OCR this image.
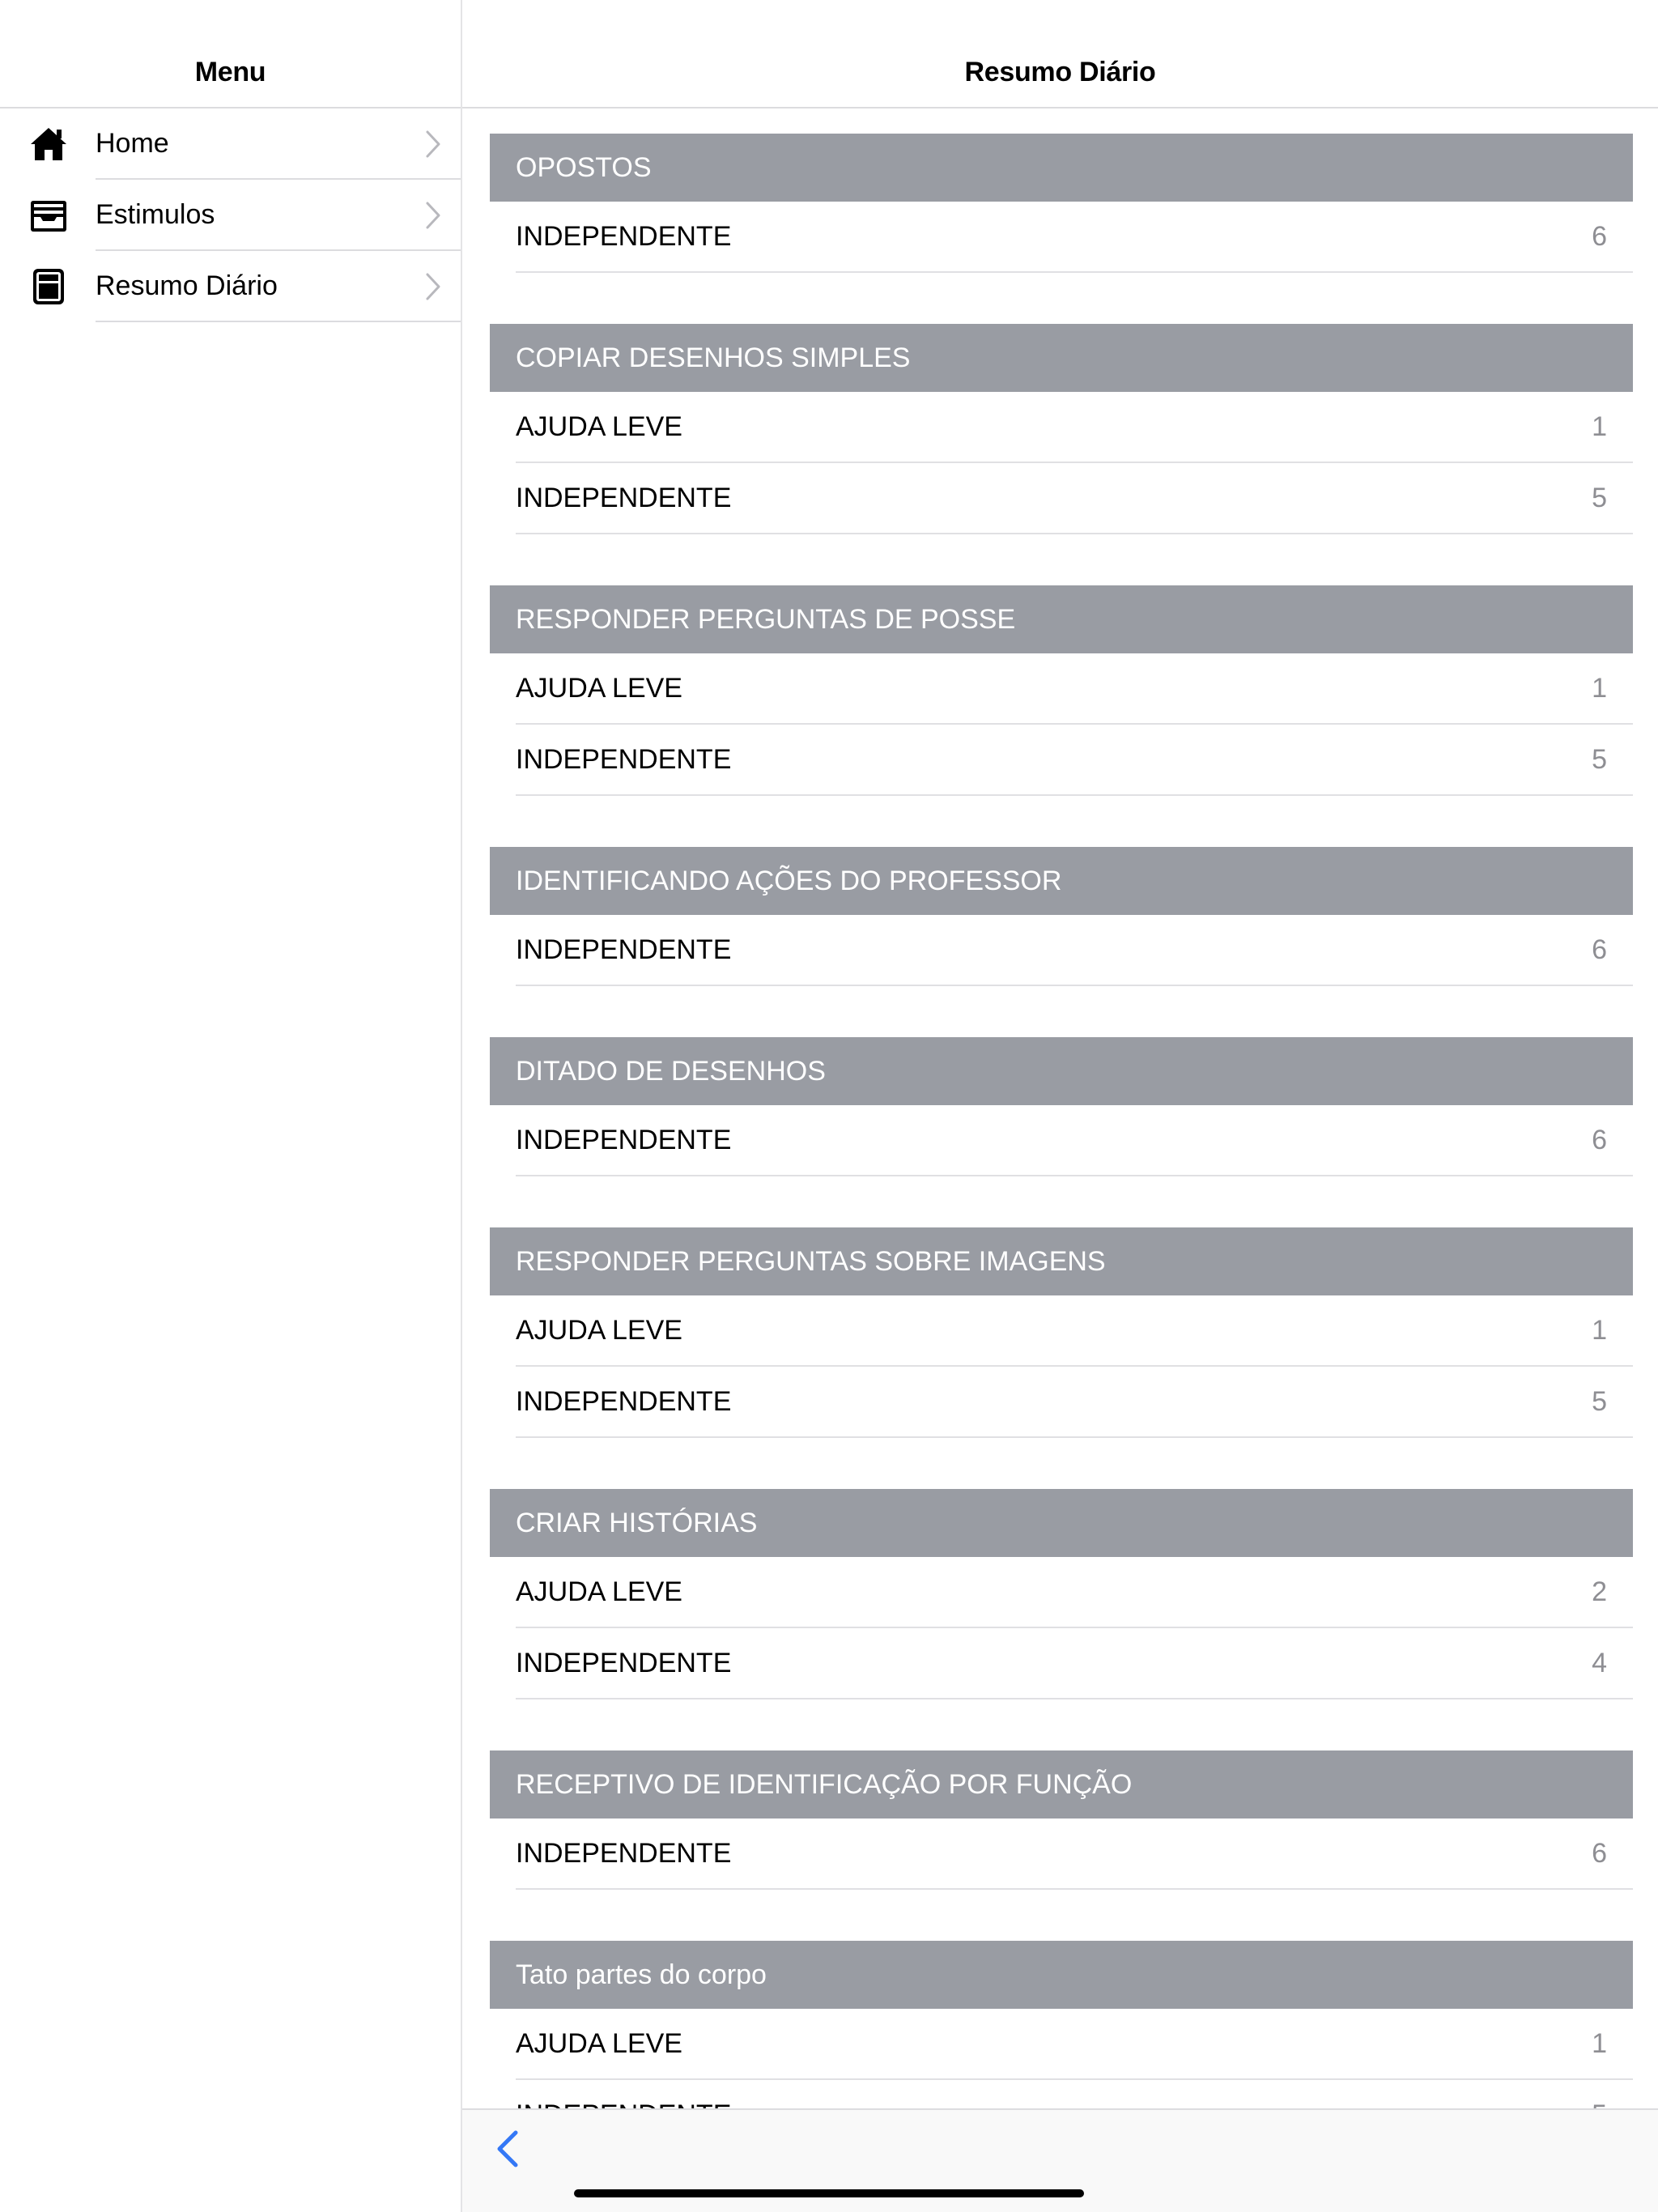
Menu
Home
Estimulos
Resumo Diário
Resumo Diário
OPOSTOS
INDEPENDENTE	6
COPIAR DESENHOS SIMPLES
AJUDA LEVE	1
INDEPENDENTE	5
RESPONDER PERGUNTAS DE POSSE
AJUDA LEVE	1
INDEPENDENTE	5
IDENTIFICANDO AÇÕES DO PROFESSOR
INDEPENDENTE	6
DITADO DE DESENHOS
INDEPENDENTE	6
RESPONDER PERGUNTAS SOBRE IMAGENS
AJUDA LEVE	1
INDEPENDENTE	5
CRIAR HISTÓRIAS
AJUDA LEVE	2
INDEPENDENTE	4
RECEPTIVO DE IDENTIFICAÇÃO POR FUNÇÃO
INDEPENDENTE	6
Tato partes do corpo
AJUDA LEVE	1
